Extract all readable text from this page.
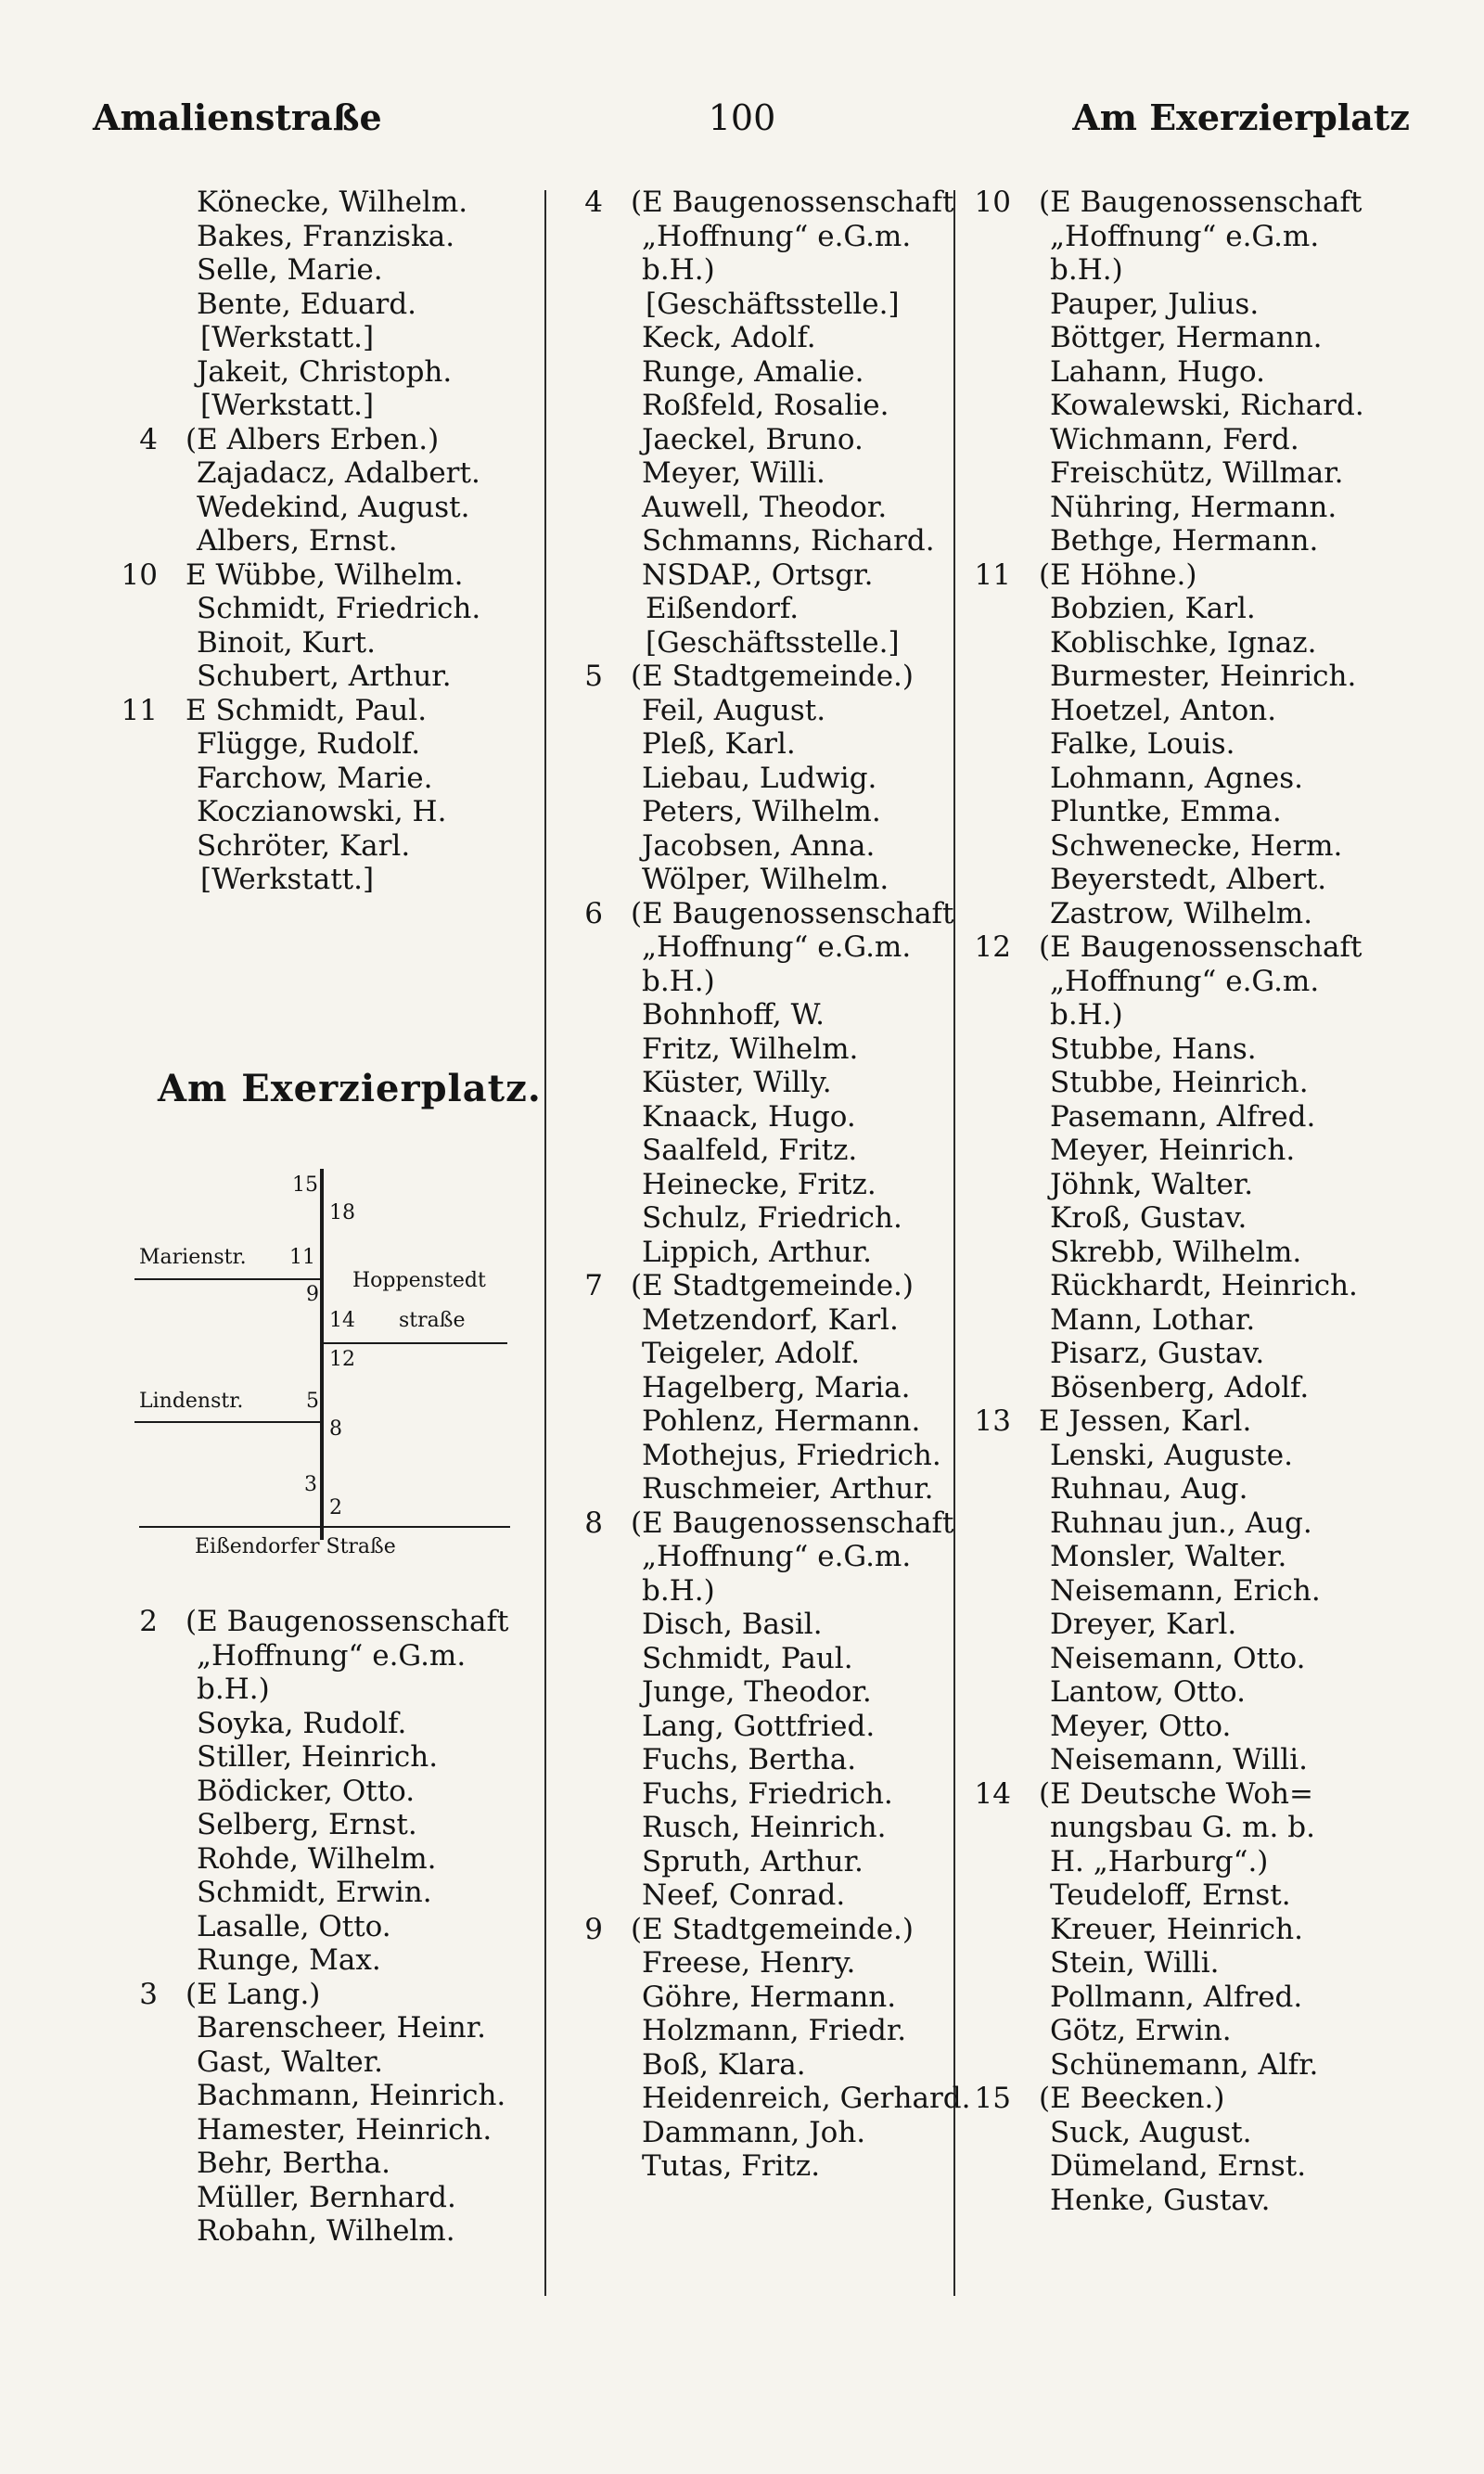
Amalienstraße	100	Am Exerzierplatz
Könecke, Wilhelm.
Bakes, Franziska.
Selle, Marie.
Bente, Eduard.
[Werkstatt.]
Jakeit, Christoph.
[Werkstatt.]
4 (E Albers Erben.)
Zajadacz, Adalbert.
Wedekind, August.
Albers, Ernst.
10 E Wübbe, Wilhelm.
Schmidt, Friedrich.
Binoit, Kurt.
Schubert, Arthur.
11 E Schmidt, Paul.
Flügge, Rudolf.
Farchow, Marie.
Koczianowski, H.
Schröter, Karl.
[Werkstatt.]
Am Exerzierplatz.
15
18
Marienstr. 11
Hoppenstedt
9
14 straße
12
Lindenstr.	5
8
3
2
Eißendorfer Straße
2 (E Baugenossenschaft
„Hoffnung“ e.G.m.
b.H.)
Soyka, Rudolf.
Stiller, Heinrich.
Bödicker, Otto.
Selberg, Ernst.
Rohde, Wilhelm.
Schmidt, Erwin.
Lasalle, Otto.
Runge, Max.
3 (E Lang.)
Barenscheer, Heinr.
Gast, Walter.
Bachmann, Heinrich.
Hamester, Heinrich.
Behr, Bertha.
Müller, Bernhard.
Robahn, Wilhelm.
4 (E Baugenossenschaft
„Hoffnung“ e.G.m.
b.H.)
[Geschäftsstelle.]
Keck, Adolf.
Runge, Amalie.
Roßfeld, Rosalie.
Jaeckel, Bruno.
Meyer, Willi.
Auwell, Theodor.
Schmanns, Richard.
NSDAP., Ortsgr.
Eißendorf.
[Geschäftsstelle.]
5 (E Stadtgemeinde.)
Feil, August.
Pleß, Karl.
Liebau, Ludwig.
Peters, Wilhelm.
Jacobsen, Anna.
Wölper, Wilhelm.
6 (E Baugenossenschaft
„Hoffnung“ e.G.m.
b.H.)
Bohnhoff, W.
Fritz, Wilhelm.
Küster, Willy.
Knaack, Hugo.
Saalfeld, Fritz.
Heinecke, Fritz.
Schulz, Friedrich.
Lippich, Arthur.
7 (E Stadtgemeinde.)
Metzendorf, Karl.
Teigeler, Adolf.
Hagelberg, Maria.
Pohlenz, Hermann.
Mothejus, Friedrich.
Ruschmeier, Arthur.
8 (E Baugenossenschaft
„Hoffnung“ e.G.m.
b.H.)
Disch, Basil.
Schmidt, Paul.
Junge, Theodor.
Lang, Gottfried.
Fuchs, Bertha.
Fuchs, Friedrich.
Rusch, Heinrich.
Spruth, Arthur.
Neef, Conrad.
9 (E Stadtgemeinde.)
Freese, Henry.
Göhre, Hermann.
Holzmann, Friedr.
Boß, Klara.
Heidenreich, Gerhard.
Dammann, Joh.
Tutas, Fritz.
10 (E Baugenossenschaft
„Hoffnung“ e.G.m.
b.H.)
Pauper, Julius.
Böttger, Hermann.
Lahann, Hugo.
Kowalewski, Richard.
Wichmann, Ferd.
Freischütz, Willmar.
Nühring, Hermann.
Bethge, Hermann.
11 (E Höhne.)
Bobzien, Karl.
Koblischke, Ignaz.
Burmester, Heinrich.
Hoetzel, Anton.
Falke, Louis.
Lohmann, Agnes.
Pluntke, Emma.
Schwenecke, Herm.
Beyerstedt, Albert.
Zastrow, Wilhelm.
12 (E Baugenossenschaft
„Hoffnung“ e.G.m.
b.H.)
Stubbe, Hans.
Stubbe, Heinrich.
Pasemann, Alfred.
Meyer, Heinrich.
Jöhnk, Walter.
Kroß, Gustav.
Skrebb, Wilhelm.
Rückhardt, Heinrich.
Mann, Lothar.
Pisarz, Gustav.
Bösenberg, Adolf.
13 E Jessen, Karl.
Lenski, Auguste.
Ruhnau, Aug.
Ruhnau jun., Aug.
Monsler, Walter.
Neisemann, Erich.
Dreyer, Karl.
Neisemann, Otto.
Lantow, Otto.
Meyer, Otto.
Neisemann, Willi.
14 (E Deutsche Woh=
nungsbau G. m. b.
H. „Harburg“.)
Teudeloff, Ernst.
Kreuer, Heinrich.
Stein, Willi.
Pollmann, Alfred.
Götz, Erwin.
Schünemann, Alfr.
15 (E Beecken.)
Suck, August.
Dümeland, Ernst.
Henke, Gustav.
